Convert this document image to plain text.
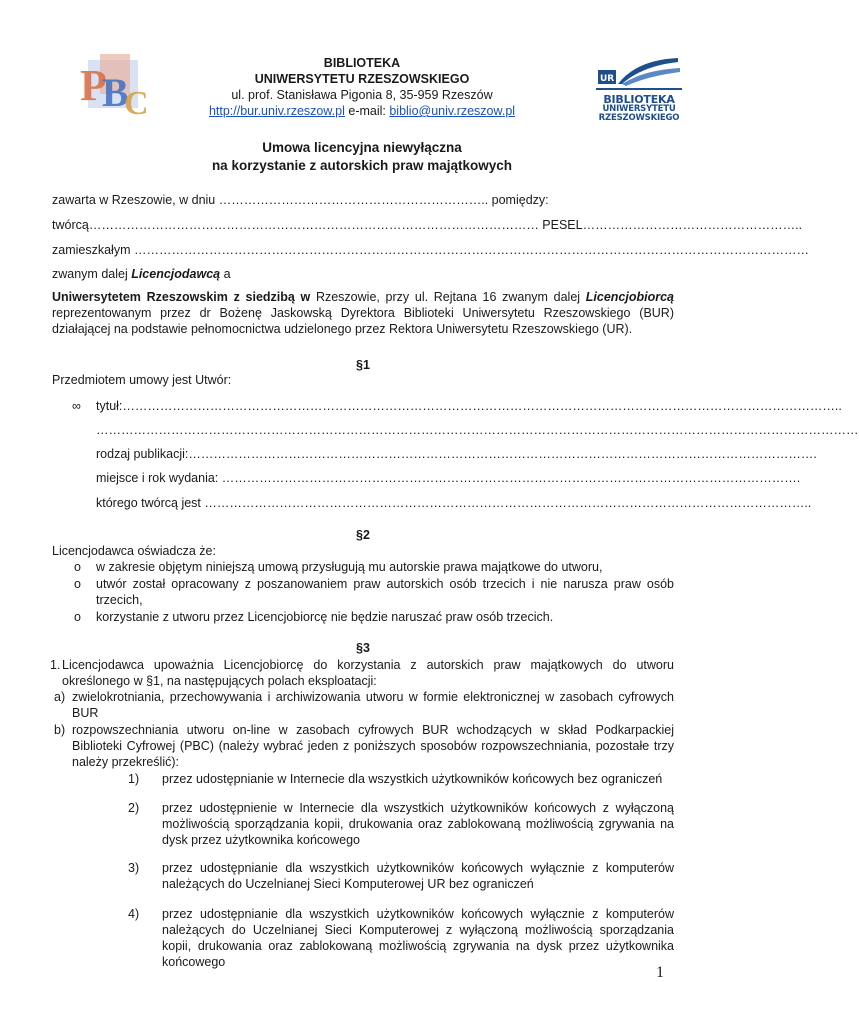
P
B
C
UR
BIBLIOTEKA
UNIWERSYTETU
RZESZOWSKIEGO
BIBLIOTEKA
UNIWERSYTETU RZESZOWSKIEGO
ul. prof. Stanisława Pigonia 8, 35-959 Rzeszów
http://bur.univ.rzeszow.pl e-mail: biblio@univ.rzeszow.pl
Umowa licencyjna niewyłączna
na korzystanie z autorskich praw majątkowych
zawarta w Rzeszowie, w dniu ……………………………………………………….. pomiędzy:
twórcą……………………………………………………………………………………………… PESEL……………………………………………..
zamieszkałym ………………………………………………………………………………………………………………………………………………
zwanym dalej Licencjodawcą a
Uniwersytetem Rzeszowskim z siedzibą w Rzeszowie, przy ul. Rejtana 16 zwanym dalej Licencjobiorcą reprezentowanym przez dr Bożenę Jaskowską Dyrektora Biblioteki Uniwersytetu Rzeszowskiego (BUR) działającej na podstawie pełnomocnictwa udzielonego przez Rektora Uniwersytetu Rzeszowskiego (UR).
§1
Przedmiotem umowy jest Utwór:
∞ tytuł:………………………………………………………………………………………………………………………………………………………..
…………………………………………………………………………………………………………………………………………………………………
rodzaj publikacji:…………………………………………………………………………………………………………………………………….
miejsce i rok wydania: ………………………………………………………………………………………………………………………….
którego twórcą jest ………………………………………………………………………………………………………………………………..
§2
Licencjodawca oświadcza że:
o w zakresie objętym niniejszą umową przysługują mu autorskie prawa majątkowe do utworu,
o utwór został opracowany z poszanowaniem praw autorskich osób trzecich i nie narusza praw osób trzecich,
o korzystanie z utworu przez Licencjobiorcę nie będzie naruszać praw osób trzecich.
§3
1. Licencjodawca upoważnia Licencjobiorcę do korzystania z autorskich praw majątkowych do utworu określonego w §1, na następujących polach eksploatacji:
a) zwielokrotniania, przechowywania i archiwizowania utworu w formie elektronicznej w zasobach cyfrowych BUR
b) rozpowszechniania utworu on-line w zasobach cyfrowych BUR wchodzących w skład Podkarpackiej Biblioteki Cyfrowej (PBC) (należy wybrać jeden z poniższych sposobów rozpowszechniania, pozostałe trzy należy przekreślić):
1) przez udostępnianie w Internecie dla wszystkich użytkowników końcowych bez ograniczeń
2) przez udostępnienie w Internecie dla wszystkich użytkowników końcowych z wyłączoną możliwością sporządzania kopii, drukowania oraz zablokowaną możliwością zgrywania na dysk przez użytkownika końcowego
3) przez udostępnianie dla wszystkich użytkowników końcowych wyłącznie z komputerów należących do Uczelnianej Sieci Komputerowej UR bez ograniczeń
4) przez udostępnianie dla wszystkich użytkowników końcowych wyłącznie z komputerów należących do Uczelnianej Sieci Komputerowej z wyłączoną możliwością sporządzania kopii, drukowania oraz zablokowaną możliwością zgrywania na dysk przez użytkownika końcowego
1
